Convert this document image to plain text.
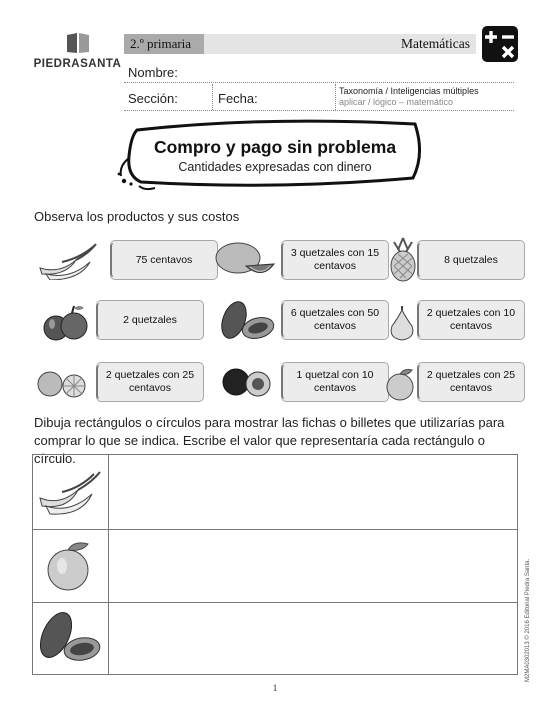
PIEDRASANTA
2.º primaria	Matemáticas
Nombre:
Sección:	Fecha:	Taxonomía / Inteligencias múltiples
aplicar / lógico – matemático
Compro y pago sin problema
Cantidades expresadas con dinero
Observa los productos y sus costos
75 centavos
3 quetzales con 15 centavos
8 quetzales
2 quetzales
6 quetzales con 50 centavos
2 quetzales con 10 centavos
2 quetzales con 25 centavos
1 quetzal con 10 centavos
2 quetzales con 25 centavos
Dibuja rectángulos o círculos para mostrar las fichas o billetes que utilizarías para comprar lo que se indica. Escribe el valor que representaría cada rectángulo o círculo.
1
M2MA0302013 © 2016 Editorial Piedra Santa.
